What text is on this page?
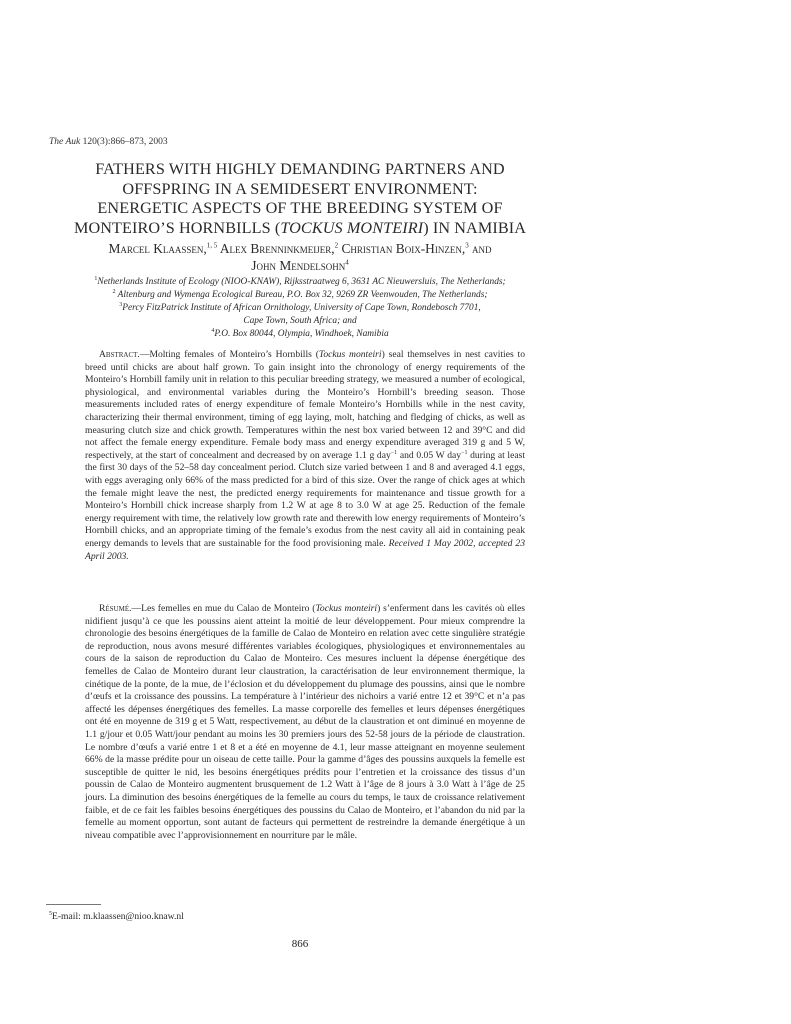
The Auk 120(3):866–873, 2003
FATHERS WITH HIGHLY DEMANDING PARTNERS AND
OFFSPRING IN A SEMIDESERT ENVIRONMENT:
ENERGETIC ASPECTS OF THE BREEDING SYSTEM OF
MONTEIRO’S HORNBILLS (TOCKUS MONTEIRI) IN NAMIBIA
Marcel Klaassen,$^{1, 5}$ Alex Brenninkmeijer,$^2$ Christian Boix-Hinzen,$^3$ and
John Mendelsohn$^4$
$^1$Netherlands Institute of Ecology (NIOO-KNAW), Rijksstraatweg 6, 3631 AC Nieuwersluis, The Netherlands;
$^2$ Altenburg and Wymenga Ecological Bureau, P.O. Box 32, 9269 ZR Veenwouden, The Netherlands;
$^3$Percy FitzPatrick Institute of African Ornithology, University of Cape Town, Rondebosch 7701,
Cape Town, South Africa; and
$^4$P.O. Box 80044, Olympia, Windhoek, Namibia

Abstract.—Molting females of Monteiro’s Hornbills (Tockus monteiri) seal themselves in nest cavities to breed until chicks are about half grown. To gain insight into the chronology of energy requirements of the Monteiro’s Hornbill family unit in relation to this peculiar breeding strategy, we measured a number of ecological, physiological, and environmental variables during the Monteiro’s Hornbill’s breeding season. Those measurements included rates of energy expenditure of female Monteiro’s Hornbills while in the nest cavity, characterizing their thermal environment, timing of egg laying, molt, hatching and fledging of chicks, as well as measuring clutch size and chick growth. Temperatures within the nest box varied between 12 and 39°C and did not affect the female energy expenditure. Female body mass and energy expenditure averaged 319 g and 5 W, respectively, at the start of concealment and decreased by on average 1.1 g day$^{-1}$ and 0.05 W day$^{-1}$ during at least the first 30 days of the 52–58 day concealment period. Clutch size varied between 1 and 8 and averaged 4.1 eggs, with eggs averaging only 66% of the mass predicted for a bird of this size. Over the range of chick ages at which the female might leave the nest, the predicted energy requirements for maintenance and tissue growth for a Monteiro’s Hornbill chick increase sharply from 1.2 W at age 8 to 3.0 W at age 25. Reduction of the female energy requirement with time, the relatively low growth rate and therewith low energy requirements of Monteiro’s Hornbill chicks, and an appropriate timing of the female’s exodus from the nest cavity all aid in containing peak energy demands to levels that are sustainable for the food provisioning male. Received 1 May 2002, accepted 23 April 2003.

Résumé.—Les femelles en mue du Calao de Monteiro (Tockus monteiri) s’enferment dans les cavités où elles nidifient jusqu’à ce que les poussins aient atteint la moitié de leur développement. Pour mieux comprendre la chronologie des besoins énergétiques de la famille de Calao de Monteiro en relation avec cette singulière stratégie de reproduction, nous avons mesuré différentes variables écologiques, physiologiques et environnementales au cours de la saison de reproduction du Calao de Monteiro. Ces mesures incluent la dépense énergétique des femelles de Calao de Monteiro durant leur claustration, la caractérisation de leur environnement thermique, la cinétique de la ponte, de la mue, de l’éclosion et du développement du plumage des poussins, ainsi que le nombre d’œufs et la croissance des poussins. La température à l’intérieur des nichoirs a varié entre 12 et 39°C et n’a pas affecté les dépenses énergétiques des femelles. La masse corporelle des femelles et leurs dépenses énergétiques ont été en moyenne de 319 g et 5 Watt, respectivement, au début de la claustration et ont diminué en moyenne de 1.1 g/jour et 0.05 Watt/jour pendant au moins les 30 premiers jours des 52-58 jours de la période de claustration. Le nombre d’œufs a varié entre 1 et 8 et a été en moyenne de 4.1, leur masse atteignant en moyenne seulement 66% de la masse prédite pour un oiseau de cette taille. Pour la gamme d’âges des poussins auxquels la femelle est susceptible de quitter le nid, les besoins énergétiques prédits pour l’entretien et la croissance des tissus d’un poussin de Calao de Monteiro augmentent brusquement de 1.2 Watt à l’âge de 8 jours à 3.0 Watt à l’âge de 25 jours. La diminution des besoins énergétiques de la femelle au cours du temps, le taux de croissance relativement faible, et de ce fait les faibles besoins énergétiques des poussins du Calao de Monteiro, et l’abandon du nid par la femelle au moment opportun, sont autant de facteurs qui permettent de restreindre la demande énergétique à un niveau compatible avec l’approvisionnement en nourriture par le mâle.

$^5$E-mail: m.klaassen@nioo.knaw.nl
866
